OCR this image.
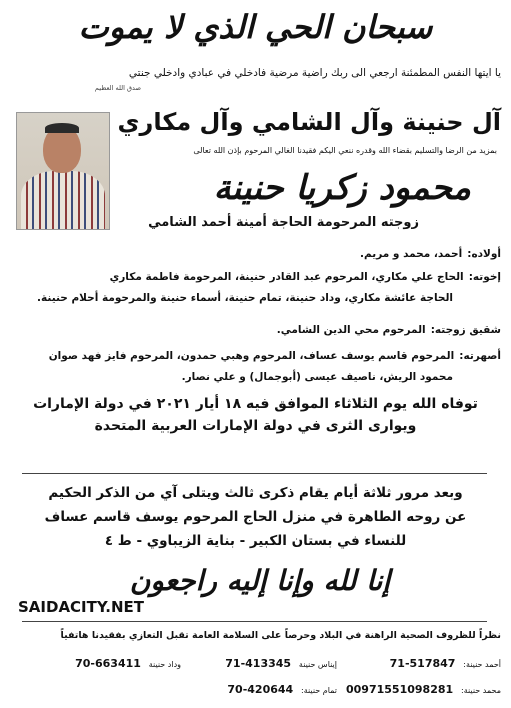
سبحان الحي الذي لا يموت
يا ايتها النفس المطمئنة ارجعي الى ربك راضية مرضية فادخلي في عبادي وادخلي جنتي
صدق الله العظيم
آل حنينة وآل الشامي وآل مكاري
بمزيد من الرضا والتسليم بقضاء الله وقدره ننعي اليكم فقيدنا الغالي المرحوم بإذن الله تعالى
محمود زكريا حنينة
زوجته المرحومة الحاجة أمينة أحمد الشامي
أولاده: أحمد، محمد و مريم.
إخوته: الحاج علي مكاري، المرحوم عبد القادر حنينة، المرحومة فاطمة مكاري
الحاجة عائشة مكاري، وداد حنينة، تمام حنينة، أسماء حنينة والمرحومة أحلام حنينة.
شقيق زوجته: المرحوم محي الدين الشامي.
أصهرته: المرحوم قاسم يوسف عساف، المرحوم وهبي حمدون، المرحوم فايز فهد صوان
محمود الريش، ناصيف عيسى (أبوجمال) و علي نصار.
توفاه الله يوم الثلاثاء الموافق فيه ١٨ أيار ٢٠٢١ في دولة الإمارات
ويوارى الثرى في دولة الإمارات العربية المتحدة
وبعد مرور ثلاثة أيام يقام ذكرى ثالث ويتلى آي من الذكر الحكيم
عن روحه الطاهرة في منزل الحاج المرحوم يوسف قاسم عساف
للنساء في بستان الكبير - بناية الزيباوي - ط ٤
إنا لله وإنا إليه راجعون
SAIDACITY.NET
نظراً للظروف الصحية الراهنة في البلاد وحرصاً على السلامة العامة تقبل التعازي بفقيدنا هاتفياً
أحمد حنينة: 71-517847
إيناس حنينة 71-413345
وداد حنينة 70-663411
محمد حنينة: 00971551098281
تمام حنينة: 70-420644
